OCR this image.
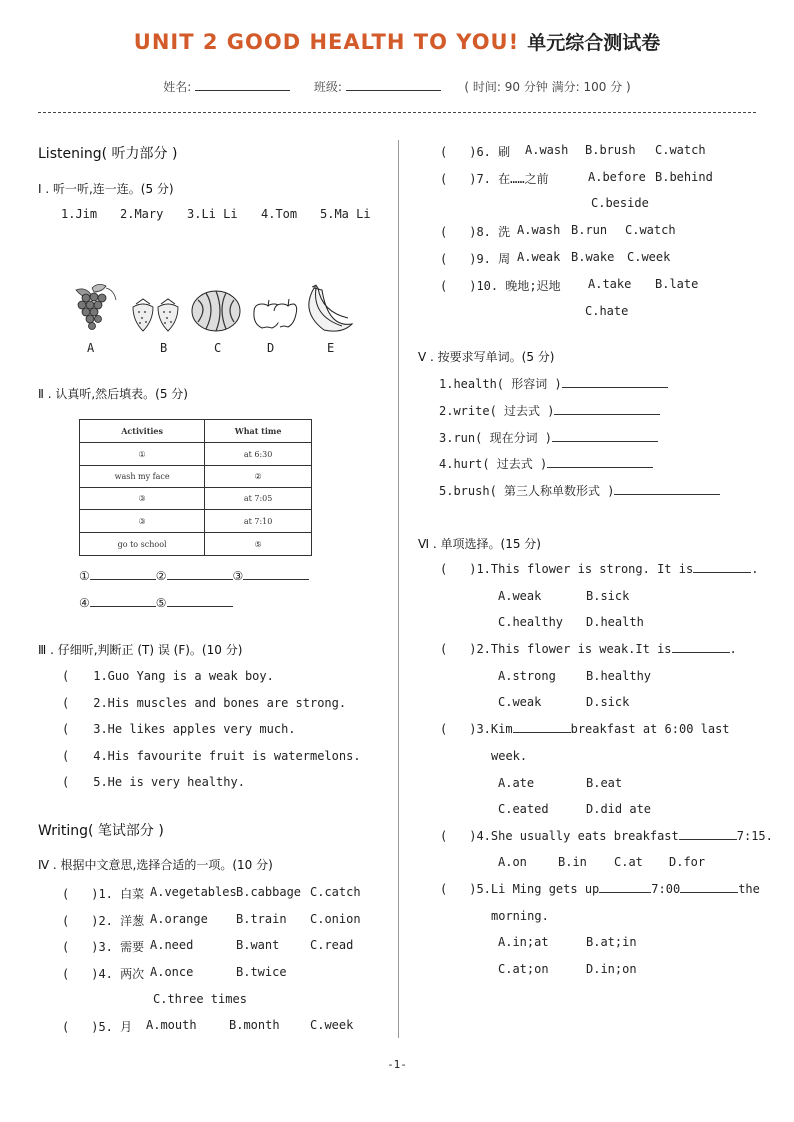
UNIT 2 GOOD HEALTH TO YOU! 单元综合测试卷
姓名:	班级:	( 时间: 90 分钟 满分: 100 分 )
Listening( 听力部分 )
Ⅰ . 听一听,连一连。(5 分)
1.Jim 2.Mary 3.Li Li 4.Tom 5.Ma Li
A	B	C	D	E
Ⅱ . 认真听,然后填表。(5 分)
Activities	What time
①	at 6:30
wash my face	②
③	at 7:05
③	at 7:10
go to school	⑤
①	②	③
④	⑤
Ⅲ . 仔细听,判断正 (T) 误 (F)。(10 分)
( 1.Guo Yang is a weak boy.
( 2.His muscles and bones are strong.
( 3.He likes apples very much.
( 4.His favourite fruit is watermelons.
( 5.He is very healthy.
Writing( 笔试部分 )
Ⅳ . 根据中文意思,选择合适的一项。(10 分)
( )1. 白菜 A.vegetables B.cabbage C.catch
( )2. 洋葱 A.orange B.train C.onion
( )3. 需要 A.need	B.want	C.read
( )4. 两次 A.once	B.twice
C.three times
( )5. 月 A.mouth	B.month	C.week
( )6. 刷 A.wash B.brush C.watch
( )7. 在……之前	A.before B.behind
C.beside
( )8. 洗 A.wash B.run C.watch
( )9. 周 A.weak B.wake C.week
( )10. 晚地;迟地 A.take B.late
C.hate
Ⅴ . 按要求写单词。(5 分)
1.health( 形容词 )
2.write( 过去式 )
3.run( 现在分词 )
4.hurt( 过去式 )
5.brush( 第三人称单数形式 )
Ⅵ . 单项选择。(15 分)
( )1.This flower is strong. It is	.
A.weak	B.sick
C.healthy D.health
( )2.This flower is weak.It is	.
A.strong	B.healthy
C.weak	D.sick
( )3.Kim	breakfast at 6:00 last
week.
A.ate	B.eat
C.eated	D.did ate
( )4.She usually eats breakfast	7:15.
A.on	B.in C.at D.for
( )5.Li Ming gets up	7:00	the
morning.
A.in;at	B.at;in
C.at;on	D.in;on
-1-
